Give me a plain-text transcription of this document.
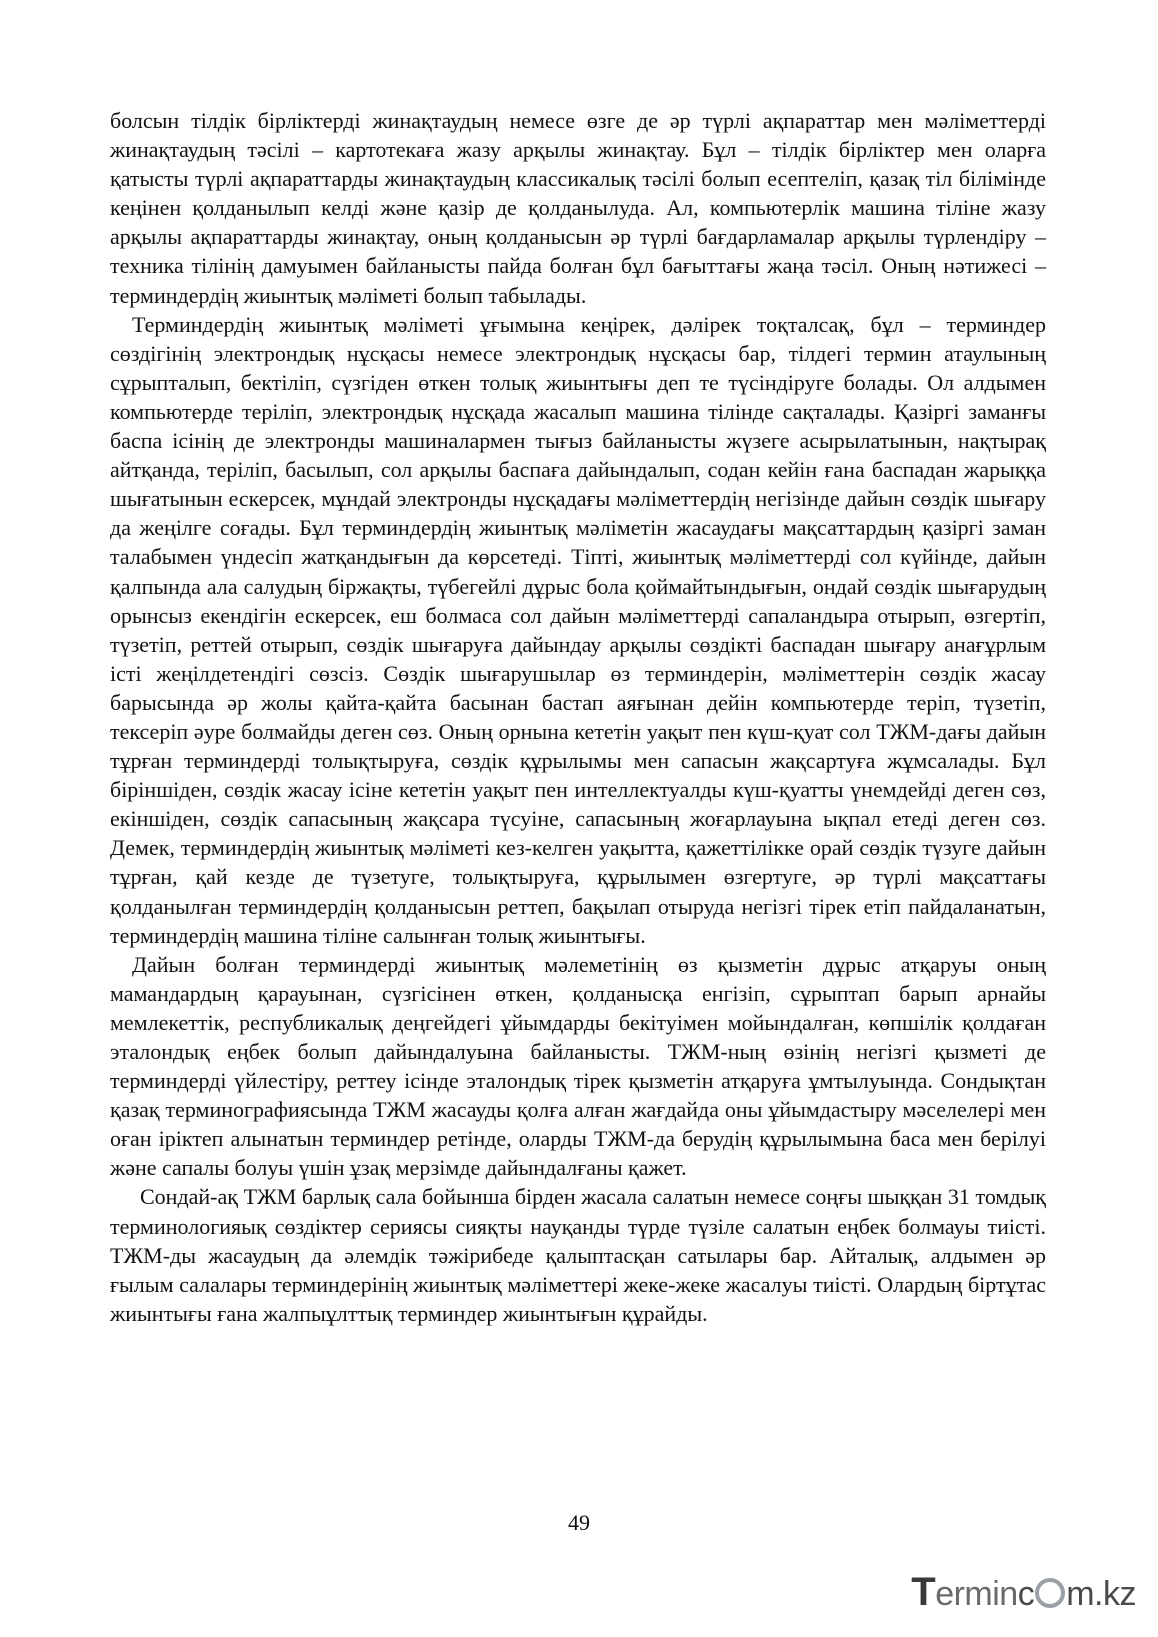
болсын тілдік бірліктерді жинақтаудың немесе өзге де әр түрлі ақпараттар мен мәліметтерді жинақтаудың тәсілі – картотекаға жазу арқылы жинақтау. Бұл – тілдік бірліктер мен оларға қатысты түрлі ақпараттарды жинақтаудың классикалық тәсілі болып есептеліп, қазақ тіл білімінде кеңінен қолданылып келді және қазір де қолданылуда. Ал, компьютерлік машина тіліне жазу арқылы ақпараттарды жинақтау, оның қолданысын әр түрлі бағдарламалар арқылы түрлендіру – техника тілінің дамуымен байланысты пайда болған бұл бағыттағы жаңа тәсіл. Оның нәтижесі – терминдердің жиынтық мәліметі болып табылады.

Терминдердің жиынтық мәліметі ұғымына кеңірек, дәлірек тоқталсақ, бұл – терминдер сөздігінің электрондық нұсқасы немесе электрондық нұсқасы бар, тілдегі термин атаулының сұрыпталып, бектіліп, сүзгіден өткен толық жиынтығы деп те түсіндіруге болады. Ол алдымен компьютерде теріліп, электрондық нұсқада жасалып машина тілінде сақталады. Қазіргі заманғы баспа ісінің де электронды машиналармен тығыз байланысты жүзеге асырылатынын, нақтырақ айтқанда, теріліп, басылып, сол арқылы баспаға дайындалып, содан кейін ғана баспадан жарыққа шығатынын ескерсек, мұндай электронды нұсқадағы мәліметтердің негізінде дайын сөздік шығару да жеңілге соғады. Бұл терминдердің жиынтық мәліметін жасаудағы мақсаттардың қазіргі заман талабымен үндесіп жатқандығын да көрсетеді. Тіпті, жиынтық мәліметтерді сол күйінде, дайын қалпында ала салудың біржақты, түбегейлі дұрыс бола қоймайтындығын, ондай сөздік шығарудың орынсыз екендігін ескерсек, еш болмаса сол дайын мәліметтерді сапаландыра отырып, өзгертіп, түзетіп, реттей отырып, сөздік шығаруға дайындау арқылы сөздікті баспадан шығару анағұрлым істі жеңілдетендігі сөзсіз. Сөздік шығарушылар өз терминдерін, мәліметтерін сөздік жасау барысында әр жолы қайта-қайта басынан бастап аяғынан дейін компьютерде теріп, түзетіп, тексеріп әуре болмайды деген сөз. Оның орнына кететін уақыт пен күш-қуат сол ТЖМ-дағы дайын тұрған терминдерді толықтыруға, сөздік құрылымы мен сапасын жақсартуға жұмсалады. Бұл біріншіден, сөздік жасау ісіне кететін уақыт пен интеллектуалды күш-қуатты үнемдейді деген сөз, екіншіден, сөздік сапасының жақсара түсуіне, сапасының жоғарлауына ықпал етеді деген сөз. Демек, терминдердің жиынтық мәліметі кез-келген уақытта, қажеттілікке орай сөздік түзуге дайын тұрған, қай кезде де түзетуге, толықтыруға, құрылымен өзгертуге, әр түрлі мақсаттағы қолданылған терминдердің қолданысын реттеп, бақылап отыруда негізгі тірек етіп пайдаланатын, терминдердің машина тіліне салынған толық жиынтығы.

Дайын болған терминдерді жиынтық мәлеметінің өз қызметін дұрыс атқаруы оның мамандардың қарауынан, сүзгісінен өткен, қолданысқа енгізіп, сұрыптап барып арнайы мемлекеттік, республикалық деңгейдегі ұйымдарды бекітуімен мойындалған, көпшілік қолдаған эталондық еңбек болып дайындалуына байланысты. ТЖМ-ның өзінің негізгі қызметі де терминдерді үйлестіру, реттеу ісінде эталондық тірек қызметін атқаруға ұмтылуында. Сондықтан қазақ терминографиясында ТЖМ жасауды қолға алған жағдайда оны ұйымдастыру мәселелері мен оған іріктеп алынатын терминдер ретінде, оларды ТЖМ-да берудің құрылымына баса мен берілуі және сапалы болуы үшін ұзақ мерзімде дайындалғаны қажет.

Сондай-ақ ТЖМ барлық сала бойынша бірден жасала салатын немесе соңғы шыққан 31 томдық терминологияық сөздіктер сериясы сияқты науқанды түрде түзіле салатын еңбек болмауы тиісті. ТЖМ-ды жасаудың да әлемдік тәжірибеде қалыптасқан сатылары бар. Айталық, алдымен әр ғылым салалары терминдерінің жиынтық мәліметтері жеке-жеке жасалуы тиісті. Олардың біртұтас жиынтығы ғана жалпыұлттық терминдер жиынтығын құрайды.

49
T ermin c m.kz
